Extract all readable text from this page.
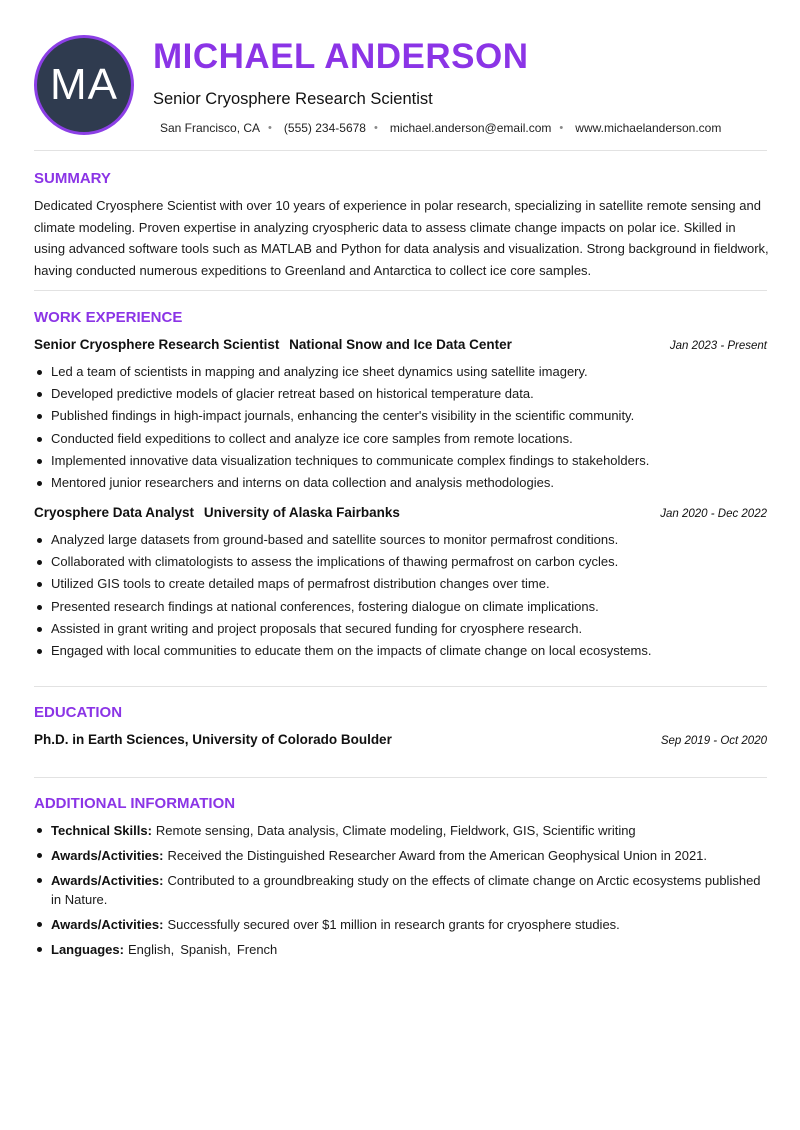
MA
MICHAEL ANDERSON
Senior Cryosphere Research Scientist
San Francisco, CA • (555) 234-5678 • michael.anderson@email.com • www.michaelanderson.com
SUMMARY
Dedicated Cryosphere Scientist with over 10 years of experience in polar research, specializing in satellite remote sensing and climate modeling. Proven expertise in analyzing cryospheric data to assess climate change impacts on polar ice. Skilled in using advanced software tools such as MATLAB and Python for data analysis and visualization. Strong background in fieldwork, having conducted numerous expeditions to Greenland and Antarctica to collect ice core samples.
WORK EXPERIENCE
Senior Cryosphere Research Scientist National Snow and Ice Data Center	Jan 2023 - Present
Led a team of scientists in mapping and analyzing ice sheet dynamics using satellite imagery.
Developed predictive models of glacier retreat based on historical temperature data.
Published findings in high-impact journals, enhancing the center's visibility in the scientific community.
Conducted field expeditions to collect and analyze ice core samples from remote locations.
Implemented innovative data visualization techniques to communicate complex findings to stakeholders.
Mentored junior researchers and interns on data collection and analysis methodologies.
Cryosphere Data Analyst University of Alaska Fairbanks	Jan 2020 - Dec 2022
Analyzed large datasets from ground-based and satellite sources to monitor permafrost conditions.
Collaborated with climatologists to assess the implications of thawing permafrost on carbon cycles.
Utilized GIS tools to create detailed maps of permafrost distribution changes over time.
Presented research findings at national conferences, fostering dialogue on climate implications.
Assisted in grant writing and project proposals that secured funding for cryosphere research.
Engaged with local communities to educate them on the impacts of climate change on local ecosystems.
EDUCATION
Ph.D. in Earth Sciences, University of Colorado Boulder	Sep 2019 - Oct 2020
ADDITIONAL INFORMATION
Technical Skills: Remote sensing, Data analysis, Climate modeling, Fieldwork, GIS, Scientific writing
Awards/Activities: Received the Distinguished Researcher Award from the American Geophysical Union in 2021.
Awards/Activities: Contributed to a groundbreaking study on the effects of climate change on Arctic ecosystems published in Nature.
Awards/Activities: Successfully secured over $1 million in research grants for cryosphere studies.
Languages: English, Spanish, French
